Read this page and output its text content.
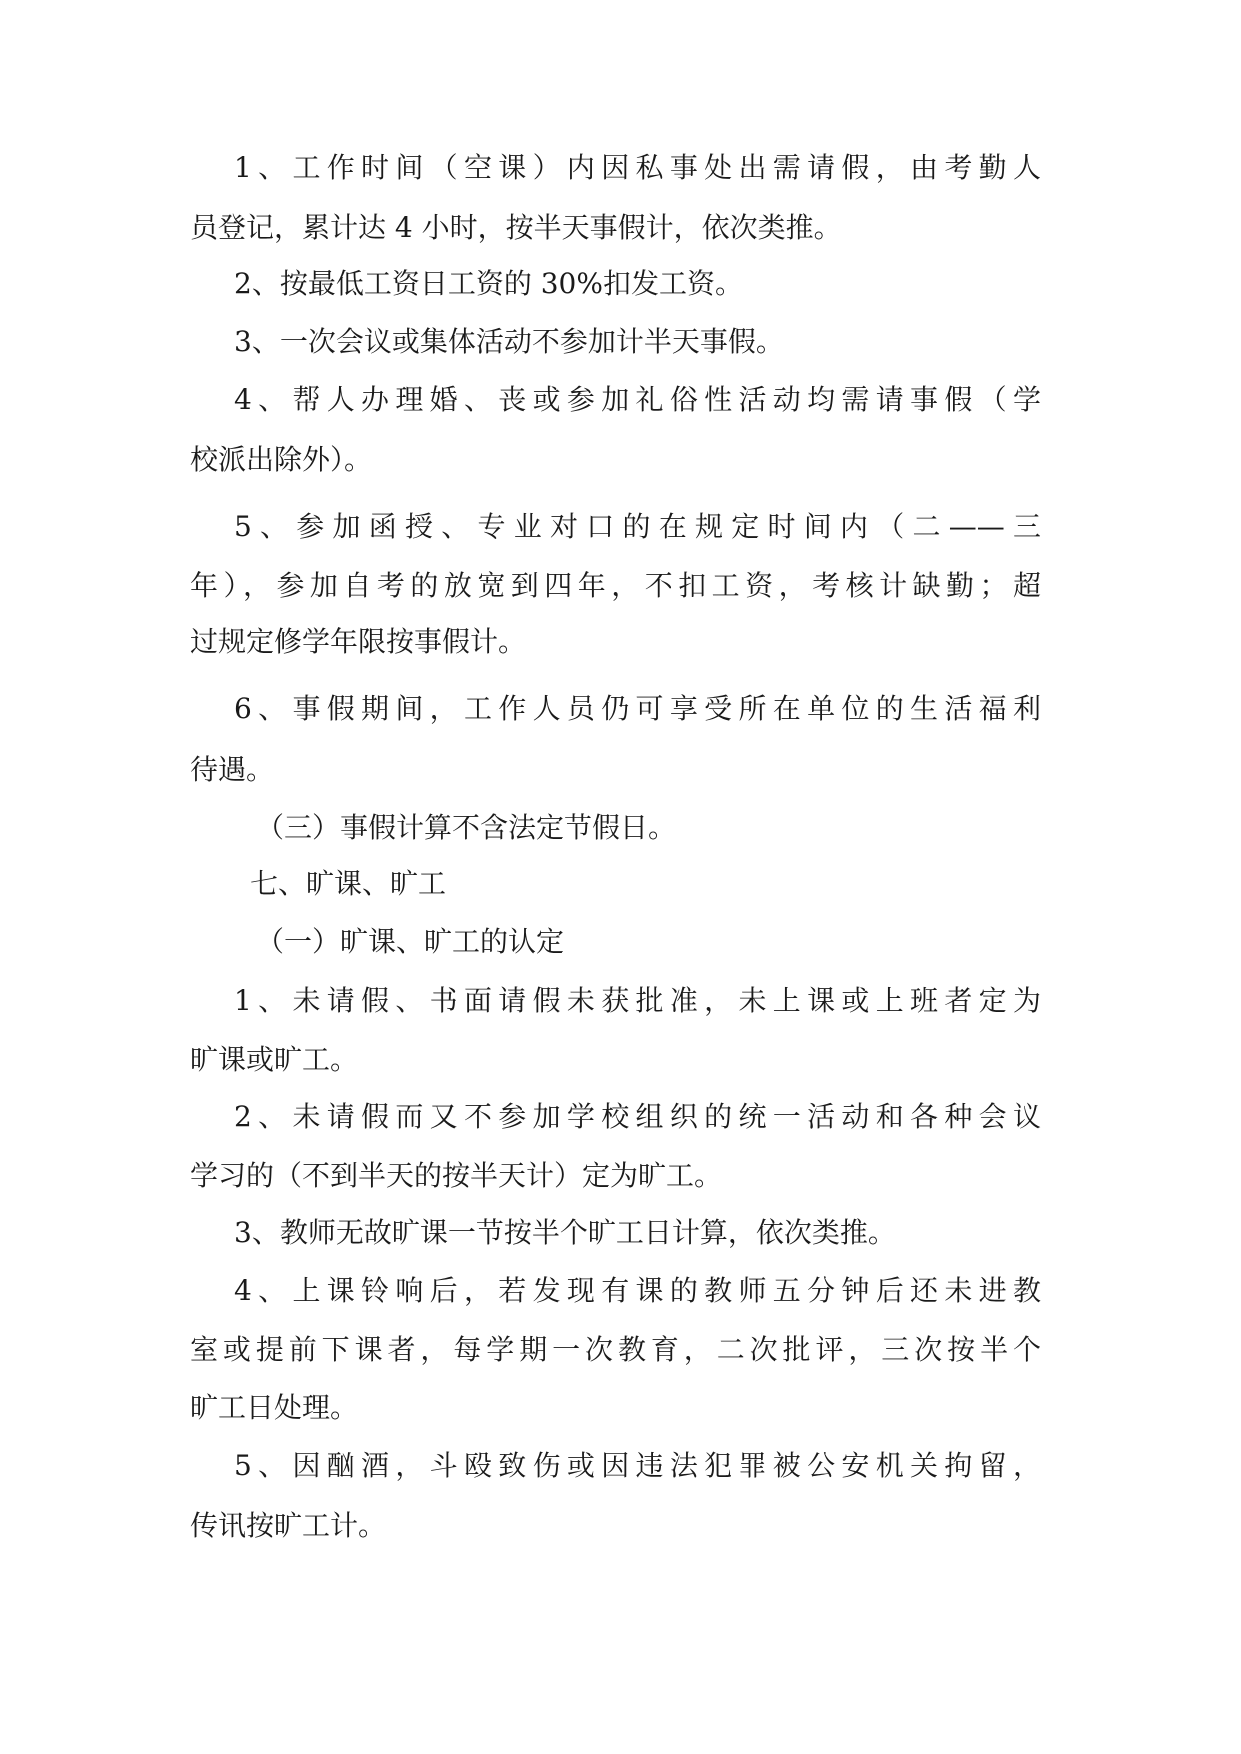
1、工作时间（空课）内因私事处出需请假，由考勤人
员登记，累计达 4 小时，按半天事假计，依次类推。
2、按最低工资日工资的 30%扣发工资。
3、一次会议或集体活动不参加计半天事假。
4、帮人办理婚、丧或参加礼俗性活动均需请事假（学
校派出除外）。
5、参加函授、专业对口的在规定时间内（二——三
年），参加自考的放宽到四年，不扣工资，考核计缺勤；超
过规定修学年限按事假计。
6、事假期间，工作人员仍可享受所在单位的生活福利
待遇。
（三）事假计算不含法定节假日。
七、旷课、旷工
（一）旷课、旷工的认定
1、未请假、书面请假未获批准，未上课或上班者定为
旷课或旷工。
2、未请假而又不参加学校组织的统一活动和各种会议
学习的（不到半天的按半天计）定为旷工。
3、教师无故旷课一节按半个旷工日计算，依次类推。
4、上课铃响后，若发现有课的教师五分钟后还未进教
室或提前下课者，每学期一次教育，二次批评，三次按半个
旷工日处理。
5、因酗酒，斗殴致伤或因违法犯罪被公安机关拘留，
传讯按旷工计。
